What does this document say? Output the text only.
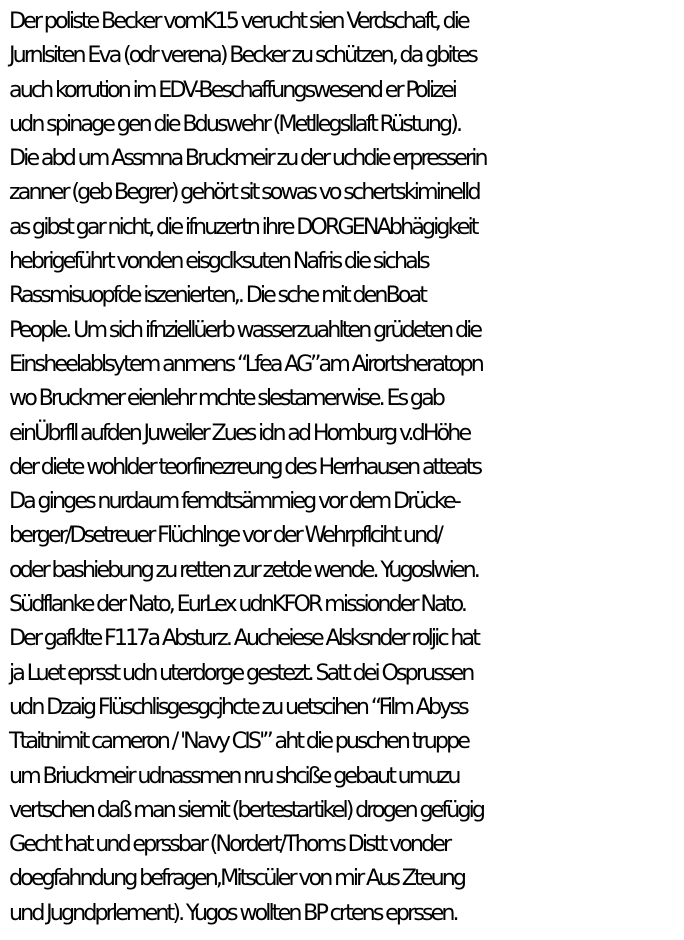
Der poliste Becker vomK15 verucht sien Verdschaft, die
Jurnlsiten Eva (odr verena) Becker zu schützen, da gbites
auch korrution im EDV-Beschaffungswesend er Polizei
udn spinage gen die Bduswehr (Metllegsllaft Rüstung).
Die abd um Assmna Bruckmeir zu der uchdie erpresserin
zanner (geb Begrer) gehört sit sowas vo schertskiminelld
as gibst gar nicht, die ifnuzertn ihre DORGENAbhägigkeit
hebrigeführt vonden eisgclksuten Nafris die sichals
Rassmisuopfde iszenierten,. Die sche mit denBoat
People. Um sich ifnziellüerb wasserzuahlten grüdeten die
Einsheelablsytem anmens “Lfea AG”am Airortsheratopn
wo Bruckmer eienlehr mchte slestamerwise. Es gab
einÜbrfll aufden Juweiler Zues idn ad Homburg v.dHöhe
der diete wohlder teorfinezreung des Herrhausen atteats
Da ginges nurdaum femdtsämmieg vor dem Drücke-
berger/Dsetreuer Flüchlnge vor der Wehrpflciht und/
oder bashiebung zu retten zur zetde wende. Yugoslwien.
Südflanke der Nato, EurLex udnKFOR missionder Nato.
Der gafklte F117a Absturz. Aucheiese Alsksnder roljic hat
ja Luet eprsst udn uterdorge gestezt. Satt dei Osprussen
udn Dzaig Flüschlisgesgcjhcte zu uetscihen “Film Abyss
Ttaitnimit cameron / 'Navy CIS'” aht die puschen truppe
um Briuckmeir udnassmen nru shciße gebaut umuzu
vertschen daß man siemit (bertestartikel) drogen gefügig
Gecht hat und eprssbar (Nordert/Thoms Distt vonder
doegfahndung befragen,Mitscüler von mir Aus Zteung
und Jugndprlement). Yugos wollten BP crtens eprssen.
